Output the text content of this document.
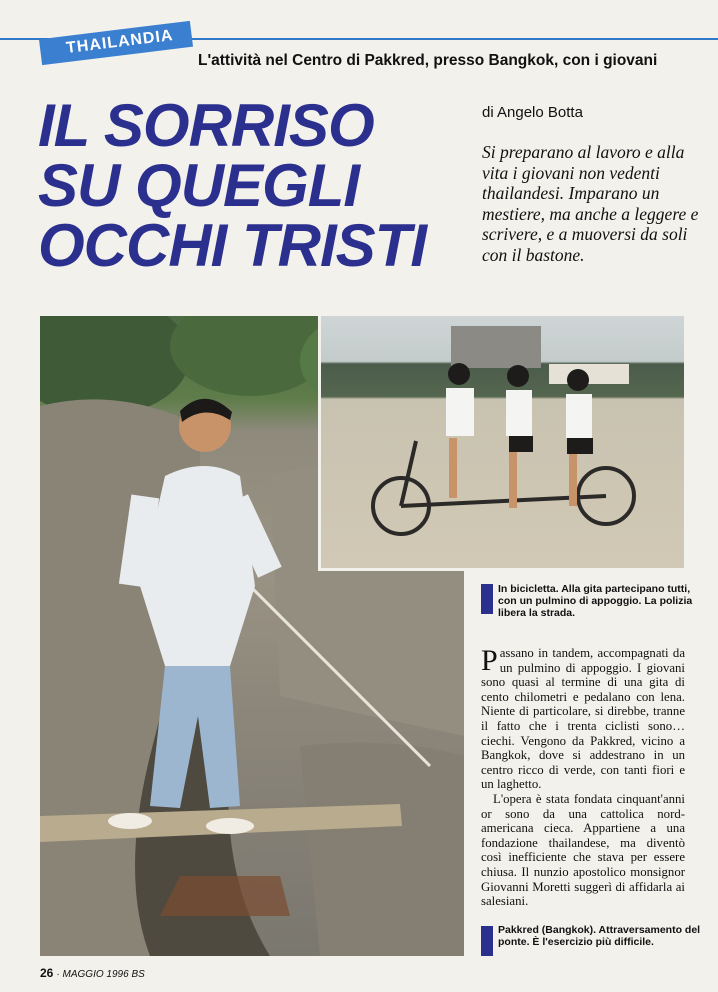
THAILANDIA
L'attività nel Centro di Pakkred, presso Bangkok, con i giovani
IL SORRISO
SU QUEGLI
OCCHI TRISTI
di Angelo Botta
Si preparano al lavoro e alla vita i giovani non vedenti thailandesi. Imparano un mestiere, ma anche a leggere e scrivere, e a muoversi da soli con il bastone.
In bicicletta. Alla gita partecipano tutti, con un pulmino di appoggio. La polizia libera la strada.

Passano in tandem, accompagnati da un pulmino di appoggio. I giovani sono quasi al termine di una gita di cento chilometri e pedalano con lena. Niente di particolare, si direbbe, tranne il fatto che i trenta ciclisti sono… ciechi. Vengono da Pakkred, vicino a Bangkok, dove si addestrano in un centro ricco di verde, con tanti fiori e un laghetto.

L'opera è stata fondata cinquant'anni or sono da una cattolica nord-americana cieca. Appartiene a una fondazione thailandese, ma diventò così inefficiente che stava per essere chiusa. Il nunzio apostolico monsignor Giovanni Moretti suggerì di affidarla ai salesiani.

Pakkred (Bangkok). Attraversamento del ponte. È l'esercizio più difficile.
26 · MAGGIO 1996 BS
